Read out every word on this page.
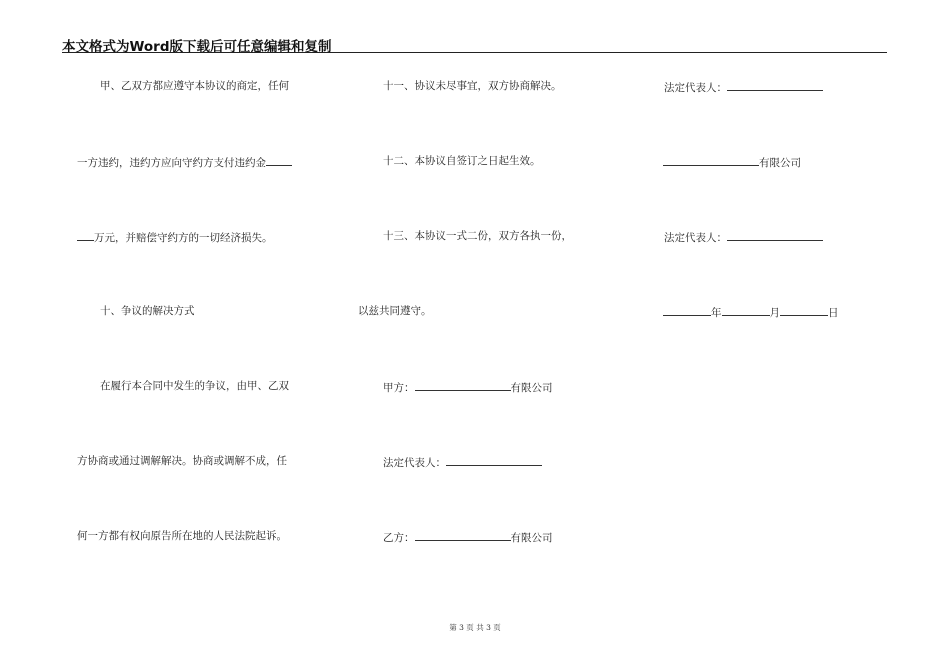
本文格式为Word版下载后可任意编辑和复制
甲、乙双方都应遵守本协议的商定，任何
一方违约，违约方应向守约方支付违约金
万元，并赔偿守约方的一切经济损失。
十、争议的解决方式
在履行本合同中发生的争议，由甲、乙双
方协商或通过调解解决。协商或调解不成，任
何一方都有权向原告所在地的人民法院起诉。
十一、协议未尽事宜，双方协商解决。
十二、本协议自签订之日起生效。
十三、本协议一式二份，双方各执一份，
以兹共同遵守。
甲方：	有限公司
法定代表人：
乙方：	有限公司
法定代表人：
有限公司
法定代表人：
年	月	日
第 3 页 共 3 页
